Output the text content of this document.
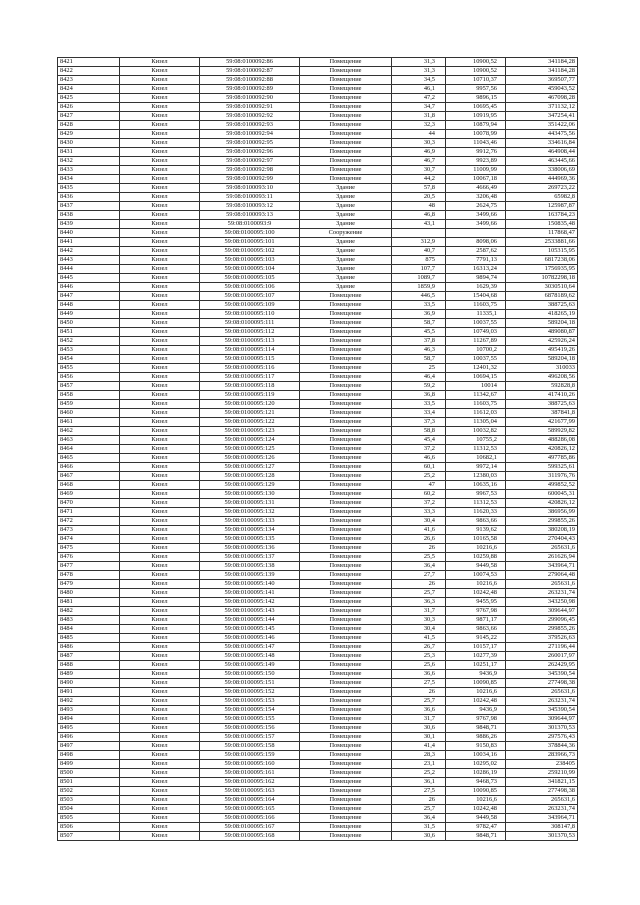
8421	Кизел	59:08:0100092:86	Помещение	31,3	10900,52	341184,28
8422	Кизел	59:08:0100092:87	Помещение	31,3	10900,52	341184,28
8423	Кизел	59:08:0100092:88	Помещение	34,5	10710,37	369507,77
8424	Кизел	59:08:0100092:89	Помещение	46,1	9957,56	459043,52
8425	Кизел	59:08:0100092:90	Помещение	47,2	9896,15	467098,28
8426	Кизел	59:08:0100092:91	Помещение	34,7	10695,45	371132,12
8427	Кизел	59:08:0100092:92	Помещение	31,8	10919,95	347254,41
8428	Кизел	59:08:0100092:93	Помещение	32,3	10879,94	351422,06
8429	Кизел	59:08:0100092:94	Помещение	44	10078,99	443475,56
8430	Кизел	59:08:0100092:95	Помещение	30,3	11043,46	334616,84
8431	Кизел	59:08:0100092:96	Помещение	46,9	9912,76	464908,44
8432	Кизел	59:08:0100092:97	Помещение	46,7	9923,89	463445,66
8433	Кизел	59:08:0100092:98	Помещение	30,7	11009,99	338006,69
8434	Кизел	59:08:0100092:99	Помещение	44,2	10067,18	444969,36
8435	Кизел	59:08:0100093:10	Здание	57,8	4666,49	269723,22
8436	Кизел	59:08:0100093:11	Здание	20,5	3206,48	65982,8
8437	Кизел	59:08:0100093:12	Здание	48	2624,75	125987,87
8438	Кизел	59:08:0100093:13	Здание	46,8	3499,66	163784,23
8439	Кизел	59:08:0100093:9	Здание	43,1	3499,66	150835,48
8440	Кизел	59:08:0100095:100	Сооружение			117868,47
8441	Кизел	59:08:0100095:101	Здание	312,9	8098,06	2533881,66
8442	Кизел	59:08:0100095:102	Здание	40,7	2587,62	105315,95
8443	Кизел	59:08:0100095:103	Здание	875	7791,13	6817238,06
8444	Кизел	59:08:0100095:104	Здание	107,7	16313,24	1756935,95
8445	Кизел	59:08:0100095:105	Здание	1089,7	9894,74	10782298,18
8446	Кизел	59:08:0100095:106	Здание	1859,9	1629,39	3030510,64
8447	Кизел	59:08:0100095:107	Помещение	446,5	15404,68	6878189,62
8448	Кизел	59:08:0100095:109	Помещение	33,5	11603,75	388725,63
8449	Кизел	59:08:0100095:110	Помещение	36,9	11335,1	418265,19
8450	Кизел	59:08:0100095:111	Помещение	58,7	10037,55	589204,18
8451	Кизел	59:08:0100095:112	Помещение	45,5	10749,03	489080,87
8452	Кизел	59:08:0100095:113	Помещение	37,8	11267,89	425926,24
8453	Кизел	59:08:0100095:114	Помещение	46,3	10700,2	495419,26
8454	Кизел	59:08:0100095:115	Помещение	58,7	10037,55	589204,18
8455	Кизел	59:08:0100095:116	Помещение	25	12401,32	310033
8456	Кизел	59:08:0100095:117	Помещение	46,4	10694,15	496208,56
8457	Кизел	59:08:0100095:118	Помещение	59,2	10014	592828,8
8458	Кизел	59:08:0100095:119	Помещение	36,8	11342,67	417410,26
8459	Кизел	59:08:0100095:120	Помещение	33,5	11603,75	388725,63
8460	Кизел	59:08:0100095:121	Помещение	33,4	11612,03	387841,8
8461	Кизел	59:08:0100095:122	Помещение	37,3	11305,04	421677,99
8462	Кизел	59:08:0100095:123	Помещение	58,8	10032,82	589929,82
8463	Кизел	59:08:0100095:124	Помещение	45,4	10755,2	488286,08
8464	Кизел	59:08:0100095:125	Помещение	37,2	11312,53	420826,12
8465	Кизел	59:08:0100095:126	Помещение	46,6	10682,1	497785,86
8466	Кизел	59:08:0100095:127	Помещение	60,1	9972,14	599325,61
8467	Кизел	59:08:0100095:128	Помещение	25,2	12380,03	311976,76
8468	Кизел	59:08:0100095:129	Помещение	47	10635,16	499852,52
8469	Кизел	59:08:0100095:130	Помещение	60,2	9967,53	600045,31
8470	Кизел	59:08:0100095:131	Помещение	37,2	11312,53	420826,12
8471	Кизел	59:08:0100095:132	Помещение	33,3	11620,33	386956,99
8472	Кизел	59:08:0100095:133	Помещение	30,4	9863,66	299855,26
8473	Кизел	59:08:0100095:134	Помещение	41,6	9139,62	380208,19
8474	Кизел	59:08:0100095:135	Помещение	26,6	10165,58	270404,43
8475	Кизел	59:08:0100095:136	Помещение	26	10216,6	265631,6
8476	Кизел	59:08:0100095:137	Помещение	25,5	10259,88	261626,94
8477	Кизел	59:08:0100095:138	Помещение	36,4	9449,58	343964,71
8478	Кизел	59:08:0100095:139	Помещение	27,7	10074,53	279064,48
8479	Кизел	59:08:0100095:140	Помещение	26	10216,6	265631,6
8480	Кизел	59:08:0100095:141	Помещение	25,7	10242,48	263231,74
8481	Кизел	59:08:0100095:142	Помещение	36,3	9455,95	343250,98
8482	Кизел	59:08:0100095:143	Помещение	31,7	9767,98	309644,97
8483	Кизел	59:08:0100095:144	Помещение	30,3	9871,17	299096,45
8484	Кизел	59:08:0100095:145	Помещение	30,4	9863,66	299855,26
8485	Кизел	59:08:0100095:146	Помещение	41,5	9145,22	379526,63
8486	Кизел	59:08:0100095:147	Помещение	26,7	10157,17	271196,44
8487	Кизел	59:08:0100095:148	Помещение	25,3	10277,39	260017,97
8488	Кизел	59:08:0100095:149	Помещение	25,6	10251,17	262429,95
8489	Кизел	59:08:0100095:150	Помещение	36,6	9436,9	345390,54
8490	Кизел	59:08:0100095:151	Помещение	27,5	10090,85	277498,38
8491	Кизел	59:08:0100095:152	Помещение	26	10216,6	265631,6
8492	Кизел	59:08:0100095:153	Помещение	25,7	10242,48	263231,74
8493	Кизел	59:08:0100095:154	Помещение	36,6	9436,9	345390,54
8494	Кизел	59:08:0100095:155	Помещение	31,7	9767,98	309644,97
8495	Кизел	59:08:0100095:156	Помещение	30,6	9848,71	301370,53
8496	Кизел	59:08:0100095:157	Помещение	30,1	9886,26	297576,43
8497	Кизел	59:08:0100095:158	Помещение	41,4	9150,83	378844,36
8498	Кизел	59:08:0100095:159	Помещение	28,3	10034,16	283966,73
8499	Кизел	59:08:0100095:160	Помещение	23,1	10295,02	238405
8500	Кизел	59:08:0100095:161	Помещение	25,2	10286,19	259210,99
8501	Кизел	59:08:0100095:162	Помещение	36,1	9468,73	341821,15
8502	Кизел	59:08:0100095:163	Помещение	27,5	10090,85	277498,38
8503	Кизел	59:08:0100095:164	Помещение	26	10216,6	265631,6
8504	Кизел	59:08:0100095:165	Помещение	25,7	10242,48	263231,74
8505	Кизел	59:08:0100095:166	Помещение	36,4	9449,58	343964,71
8506	Кизел	59:08:0100095:167	Помещение	31,5	9782,47	308147,8
8507	Кизел	59:08:0100095:168	Помещение	30,6	9848,71	301370,53
